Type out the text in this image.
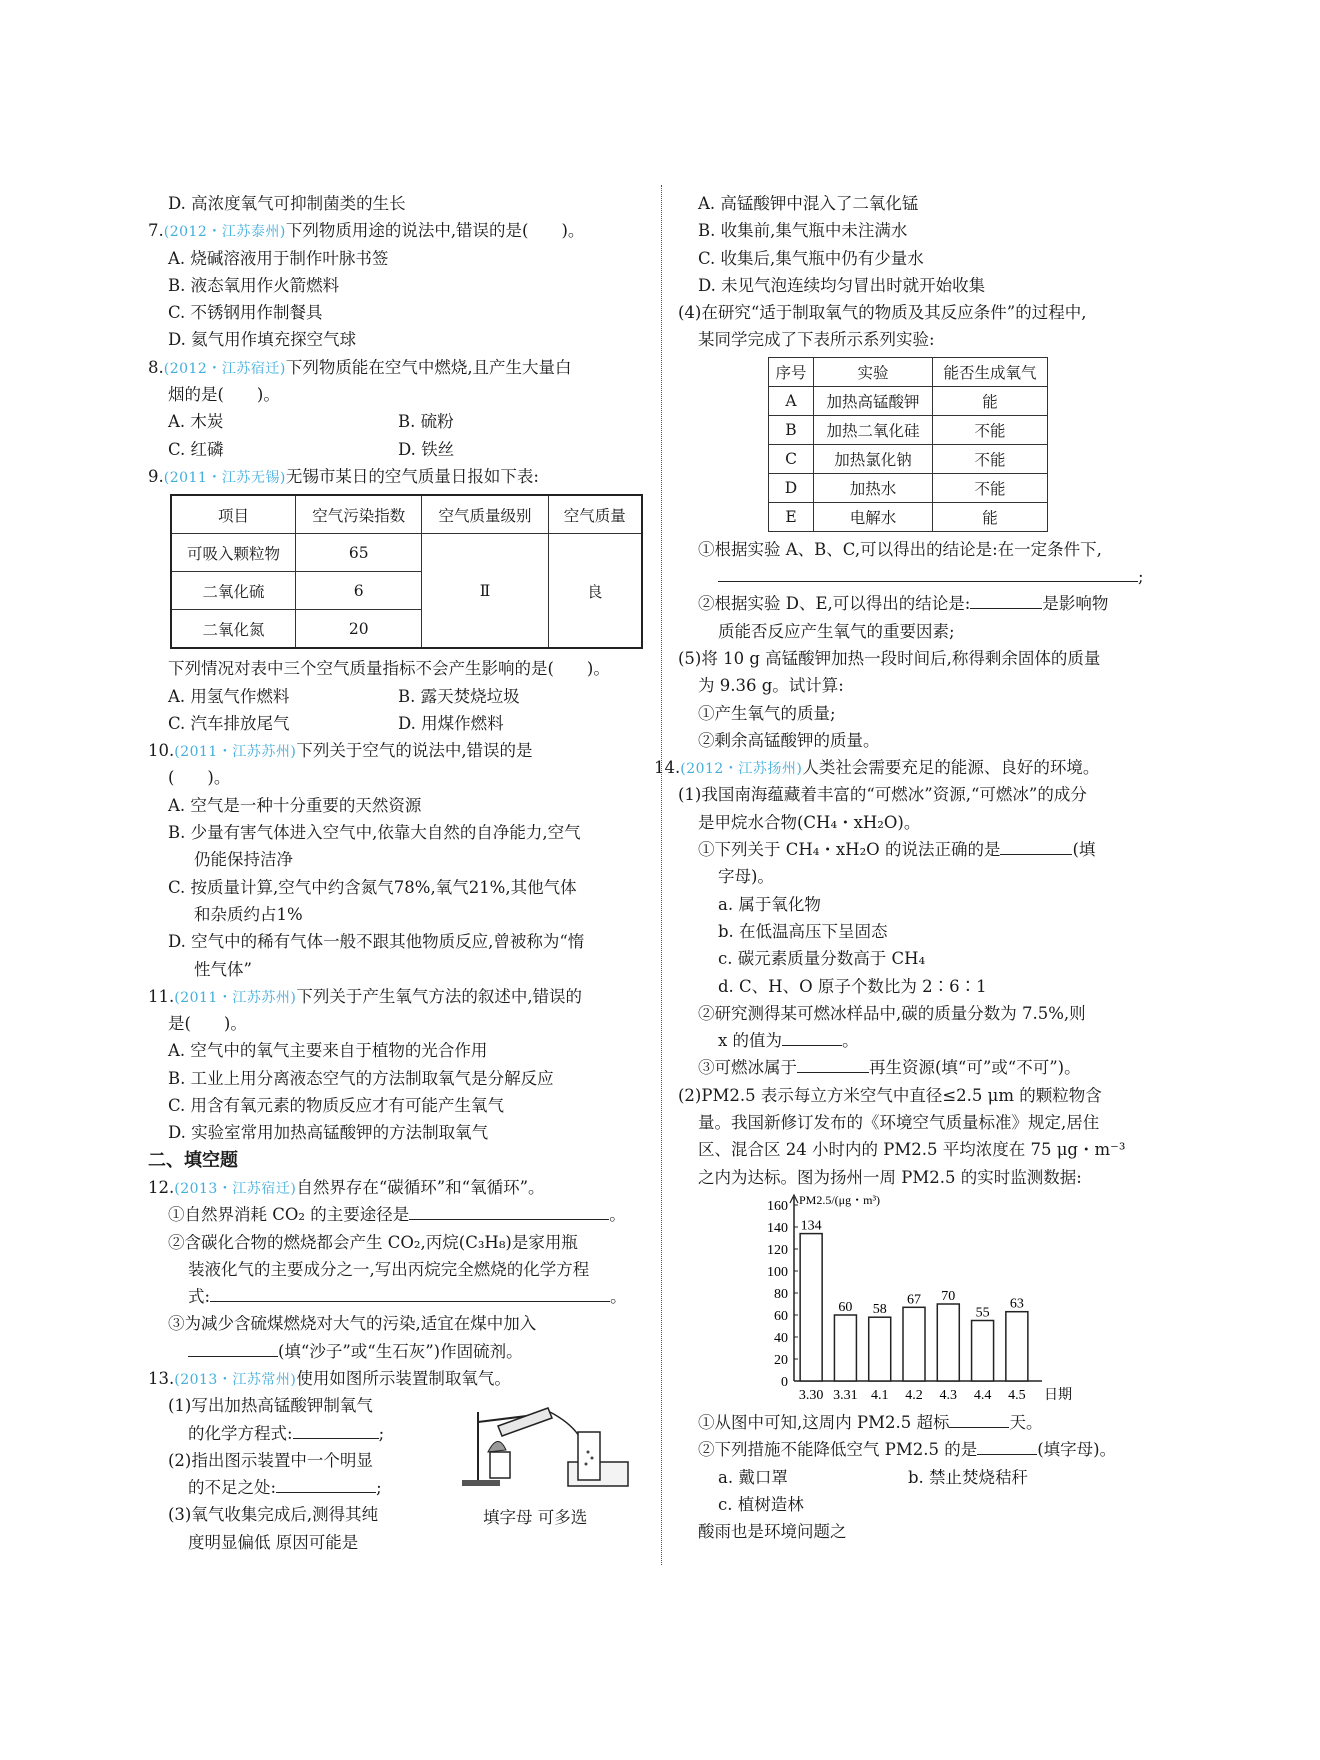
D. 高浓度氧气可抑制菌类的生长
7.(2012・江苏泰州)下列物质用途的说法中,错误的是(　　)。
A. 烧碱溶液用于制作叶脉书签
B. 液态氧用作火箭燃料
C. 不锈钢用作制餐具
D. 氦气用作填充探空气球
8.(2012・江苏宿迁)下列物质能在空气中燃烧,且产生大量白
烟的是(　　)。
A. 木炭	B. 硫粉
C. 红磷	D. 铁丝
9.(2011・江苏无锡)无锡市某日的空气质量日报如下表:
项目	空气污染指数	空气质量级别	空气质量
可吸入颗粒物	65	Ⅱ	良
二氧化硫	6		
二氧化氮	20		
下列情况对表中三个空气质量指标不会产生影响的是(　　)。
A. 用氢气作燃料	B. 露天焚烧垃圾
C. 汽车排放尾气	D. 用煤作燃料
10.(2011・江苏苏州)下列关于空气的说法中,错误的是
(　　)。
A. 空气是一种十分重要的天然资源
B. 少量有害气体进入空气中,依靠大自然的自净能力,空气
仍能保持洁净
C. 按质量计算,空气中约含氮气78%,氧气21%,其他气体
和杂质约占1%
D. 空气中的稀有气体一般不跟其他物质反应,曾被称为“惰
性气体”
11.(2011・江苏苏州)下列关于产生氧气方法的叙述中,错误的
是(　　)。
A. 空气中的氧气主要来自于植物的光合作用
B. 工业上用分离液态空气的方法制取氧气是分解反应
C. 用含有氧元素的物质反应才有可能产生氧气
D. 实验室常用加热高锰酸钾的方法制取氧气
二、填空题
12.(2013・江苏宿迁)自然界存在“碳循环”和“氧循环”。
①自然界消耗 CO₂ 的主要途径是	。
②含碳化合物的燃烧都会产生 CO₂,丙烷(C₃H₈)是家用瓶
装液化气的主要成分之一,写出丙烷完全燃烧的化学方程
式:	。
③为减少含硫煤燃烧对大气的污染,适宜在煤中加入
(填“沙子”或“生石灰”)作固硫剂。
13.(2013・江苏常州)使用如图所示装置制取氧气。
(1)写出加热高锰酸钾制氧气
的化学方程式:	;
(2)指出图示装置中一个明显
的不足之处:	;
(3)氧气收集完成后,测得其纯
度明显偏低 原因可能是
填字母 可多选
A. 高锰酸钾中混入了二氧化锰
B. 收集前,集气瓶中未注满水
C. 收集后,集气瓶中仍有少量水
D. 未见气泡连续均匀冒出时就开始收集
(4)在研究“适于制取氧气的物质及其反应条件”的过程中,
某同学完成了下表所示系列实验:
序号	实验	能否生成氧气
A	加热高锰酸钾	能
B	加热二氧化硅	不能
C	加热氯化钠	不能
D	加热水	不能
E	电解水	能
①根据实验 A、B、C,可以得出的结论是:在一定条件下,
;
②根据实验 D、E,可以得出的结论是:	是影响物
质能否反应产生氧气的重要因素;
(5)将 10 g 高锰酸钾加热一段时间后,称得剩余固体的质量
为 9.36 g。试计算:
①产生氧气的质量;
②剩余高锰酸钾的质量。
14.(2012・江苏扬州)人类社会需要充足的能源、良好的环境。
(1)我国南海蕴藏着丰富的“可燃冰”资源,“可燃冰”的成分
是甲烷水合物(CH₄・xH₂O)。
①下列关于 CH₄・xH₂O 的说法正确的是	(填
字母)。
a. 属于氧化物
b. 在低温高压下呈固态
c. 碳元素质量分数高于 CH₄
d. C、H、O 原子个数比为 2∶6∶1
②研究测得某可燃冰样品中,碳的质量分数为 7.5%,则
x 的值为	。
③可燃冰属于	再生资源(填“可”或“不可”)。
(2)PM2.5 表示每立方米空气中直径≤2.5 μm 的颗粒物含
量。我国新修订发布的《环境空气质量标准》规定,居住
区、混合区 24 小时内的 PM2.5 平均浓度在 75 μg・m⁻³
之内为达标。图为扬州一周 PM2.5 的实时监测数据:
0
20
40
60
80
100
120
140
160 PM2.5/(μg・m³)
134
3.30
60
3.31
58
4.1
67
4.2
70
4.3
55
4.4
63
4.5 日期
①从图中可知,这周内 PM2.5 超标	天。
②下列措施不能降低空气 PM2.5 的是	(填字母)。
a. 戴口罩	b. 禁止焚烧秸秆
c. 植树造林
酸雨也是环境问题之
